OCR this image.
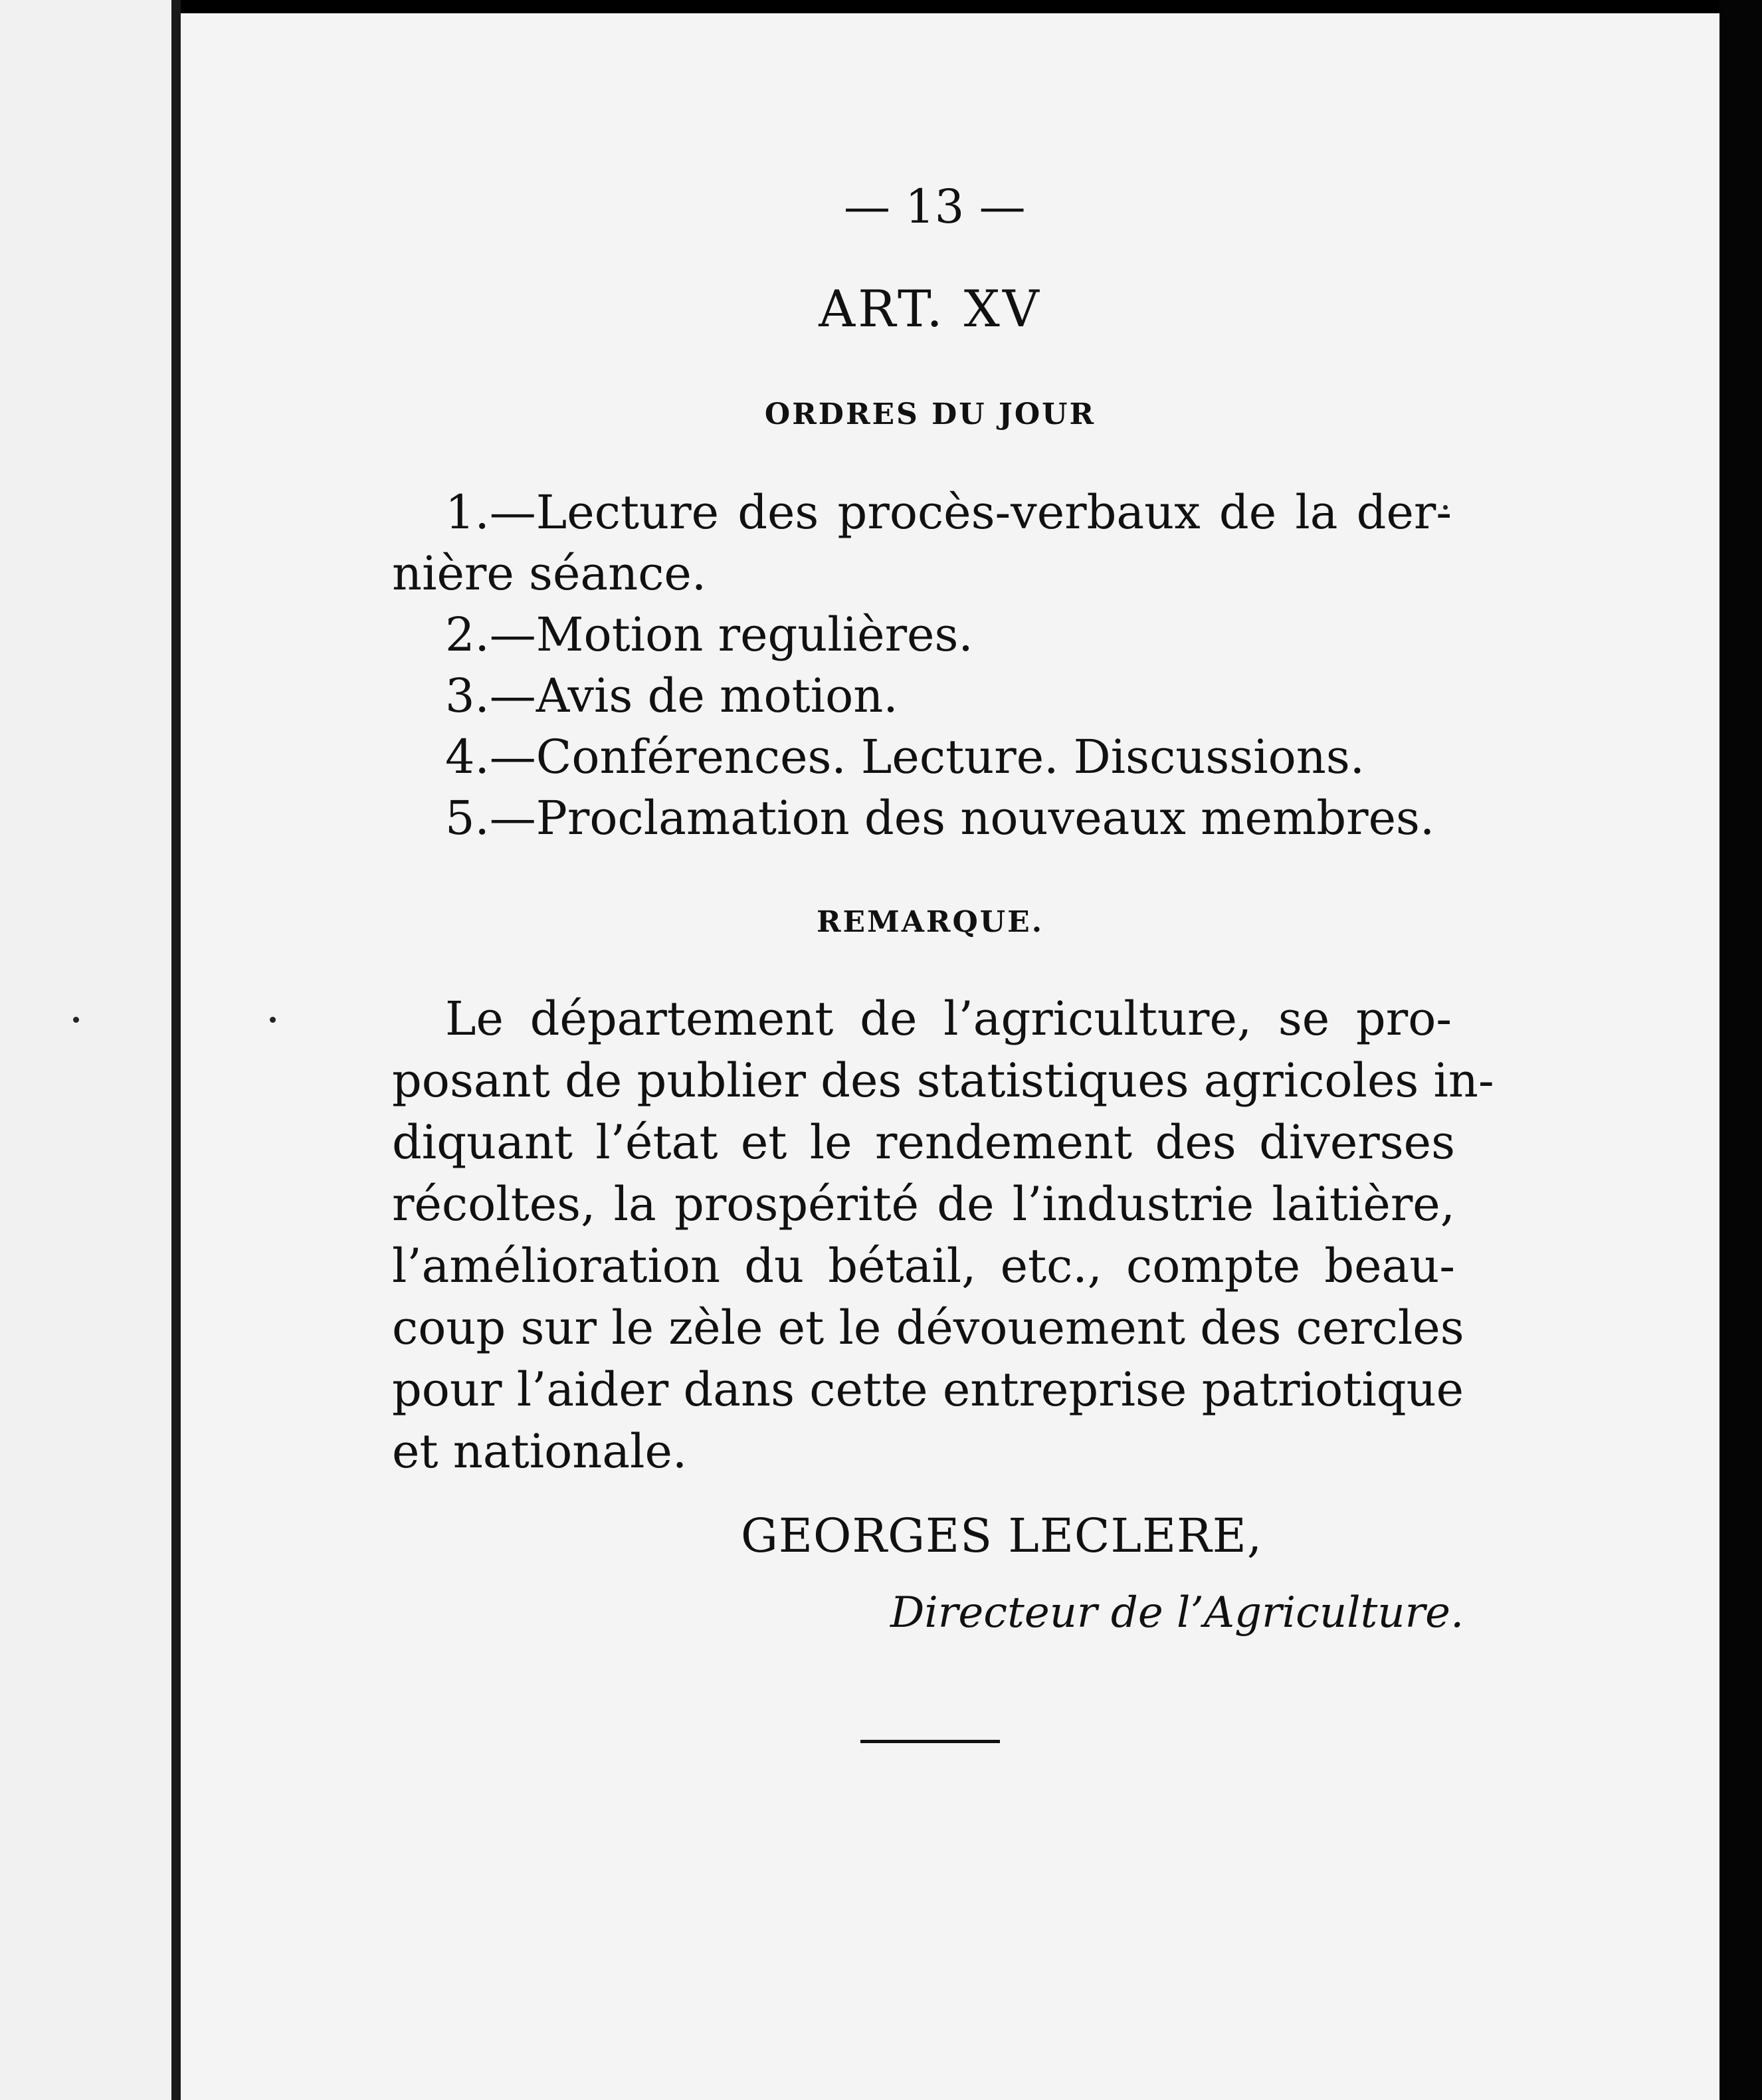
— 13 —
ART. XV
ORDRES DU JOUR
1.—Lecture des procès-verbaux de la der-
nière séance.
2.—Motion regulières.
3.—Avis de motion.
4.—Conférences. Lecture. Discussions.
5.—Proclamation des nouveaux membres.
REMARQUE.
Le département de l’agriculture, se pro-
posant de publier des statistiques agricoles in-
diquant l’état et le rendement des diverses
récoltes, la prospérité de l’industrie laitière,
l’amélioration du bétail, etc., compte beau-
coup sur le zèle et le dévouement des cercles
pour l’aider dans cette entreprise patriotique
et nationale.
GEORGES LECLERE,
Directeur de l’Agriculture.
